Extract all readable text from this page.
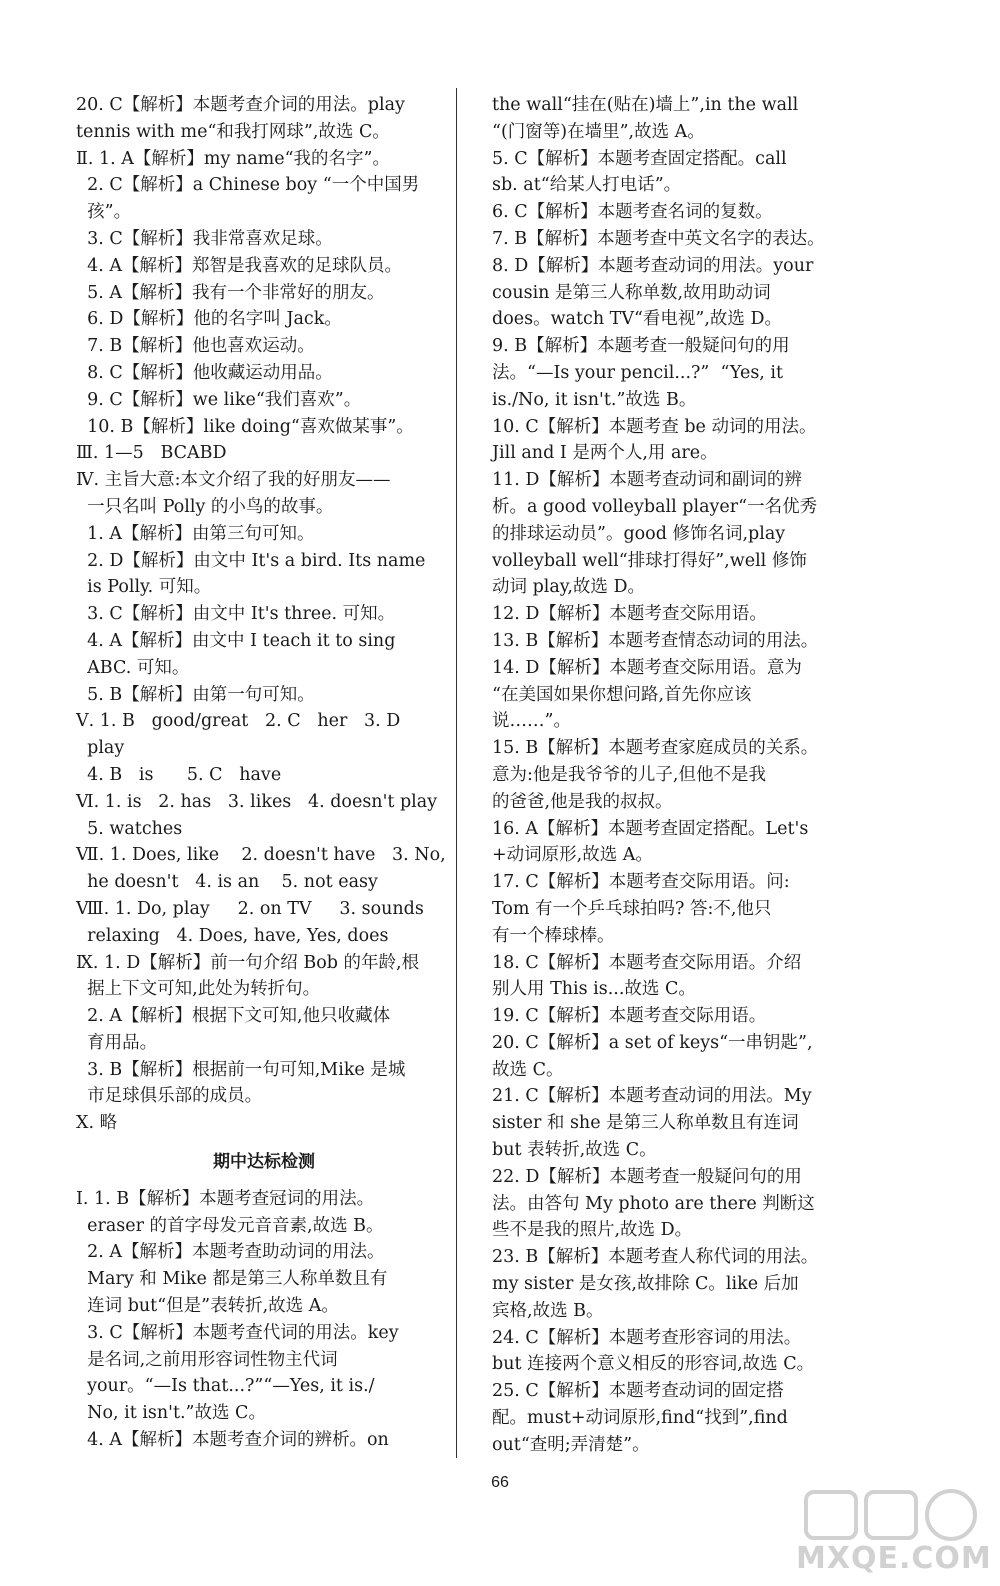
20. C【解析】本题考查介词的用法。play
tennis with me“和我打网球”,故选 C。
Ⅱ. 1. A【解析】my name“我的名字”。
2. C【解析】a Chinese boy “一个中国男
孩”。
3. C【解析】我非常喜欢足球。
4. A【解析】郑智是我喜欢的足球队员。
5. A【解析】我有一个非常好的朋友。
6. D【解析】他的名字叫 Jack。
7. B【解析】他也喜欢运动。
8. C【解析】他收藏运动用品。
9. C【解析】we like“我们喜欢”。
10. B【解析】like doing“喜欢做某事”。
Ⅲ. 1—5   BCABD
Ⅳ. 主旨大意:本文介绍了我的好朋友——
一只名叫 Polly 的小鸟的故事。
1. A【解析】由第三句可知。
2. D【解析】由文中 It's a bird. Its name
is Polly. 可知。
3. C【解析】由文中 It's three. 可知。
4. A【解析】由文中 I teach it to sing
ABC. 可知。
5. B【解析】由第一句可知。
Ⅴ. 1. B   good/great   2. C   her   3. D
play
4. B   is      5. C   have
Ⅵ. 1. is   2. has   3. likes   4. doesn't play
5. watches
Ⅶ. 1. Does, like    2. doesn't have   3. No,
he doesn't   4. is an    5. not easy
Ⅷ. 1. Do, play     2. on TV     3. sounds
relaxing   4. Does, have, Yes, does
Ⅸ. 1. D【解析】前一句介绍 Bob 的年龄,根
据上下文可知,此处为转折句。
2. A【解析】根据下文可知,他只收藏体
育用品。
3. B【解析】根据前一句可知,Mike 是城
市足球俱乐部的成员。
Ⅹ. 略
期中达标检测
Ⅰ. 1. B【解析】本题考查冠词的用法。
eraser 的首字母发元音音素,故选 B。
2. A【解析】本题考查助动词的用法。
Mary 和 Mike 都是第三人称单数且有
连词 but“但是”表转折,故选 A。
3. C【解析】本题考查代词的用法。key
是名词,之前用形容词性物主代词
your。“—Is that...?”“—Yes, it is./
No, it isn't.”故选 C。
4. A【解析】本题考查介词的辨析。on
the wall“挂在(贴在)墙上”,in the wall
“(门窗等)在墙里”,故选 A。
5. C【解析】本题考查固定搭配。call
sb. at“给某人打电话”。
6. C【解析】本题考查名词的复数。
7. B【解析】本题考查中英文名字的表达。
8. D【解析】本题考查动词的用法。your
cousin 是第三人称单数,故用助动词
does。watch TV“看电视”,故选 D。
9. B【解析】本题考查一般疑问句的用
法。“—Is your pencil...?”  “Yes, it
is./No, it isn't.”故选 B。
10. C【解析】本题考查 be 动词的用法。
Jill and I 是两个人,用 are。
11. D【解析】本题考查动词和副词的辨
析。a good volleyball player“一名优秀
的排球运动员”。good 修饰名词,play
volleyball well“排球打得好”,well 修饰
动词 play,故选 D。
12. D【解析】本题考查交际用语。
13. B【解析】本题考查情态动词的用法。
14. D【解析】本题考查交际用语。意为
“在美国如果你想问路,首先你应该
说……”。
15. B【解析】本题考查家庭成员的关系。
意为:他是我爷爷的儿子,但他不是我
的爸爸,他是我的叔叔。
16. A【解析】本题考查固定搭配。Let's
+动词原形,故选 A。
17. C【解析】本题考查交际用语。问:
Tom 有一个乒乓球拍吗? 答:不,他只
有一个棒球棒。
18. C【解析】本题考查交际用语。介绍
别人用 This is...故选 C。
19. C【解析】本题考查交际用语。
20. C【解析】a set of keys“一串钥匙”,
故选 C。
21. C【解析】本题考查动词的用法。My
sister 和 she 是第三人称单数且有连词
but 表转折,故选 C。
22. D【解析】本题考查一般疑问句的用
法。由答句 My photo are there 判断这
些不是我的照片,故选 D。
23. B【解析】本题考查人称代词的用法。
my sister 是女孩,故排除 C。like 后加
宾格,故选 B。
24. C【解析】本题考查形容词的用法。
but 连接两个意义相反的形容词,故选 C。
25. C【解析】本题考查动词的固定搭
配。must+动词原形,find“找到”,find
out“查明;弄清楚”。
66
MXQE.COM
